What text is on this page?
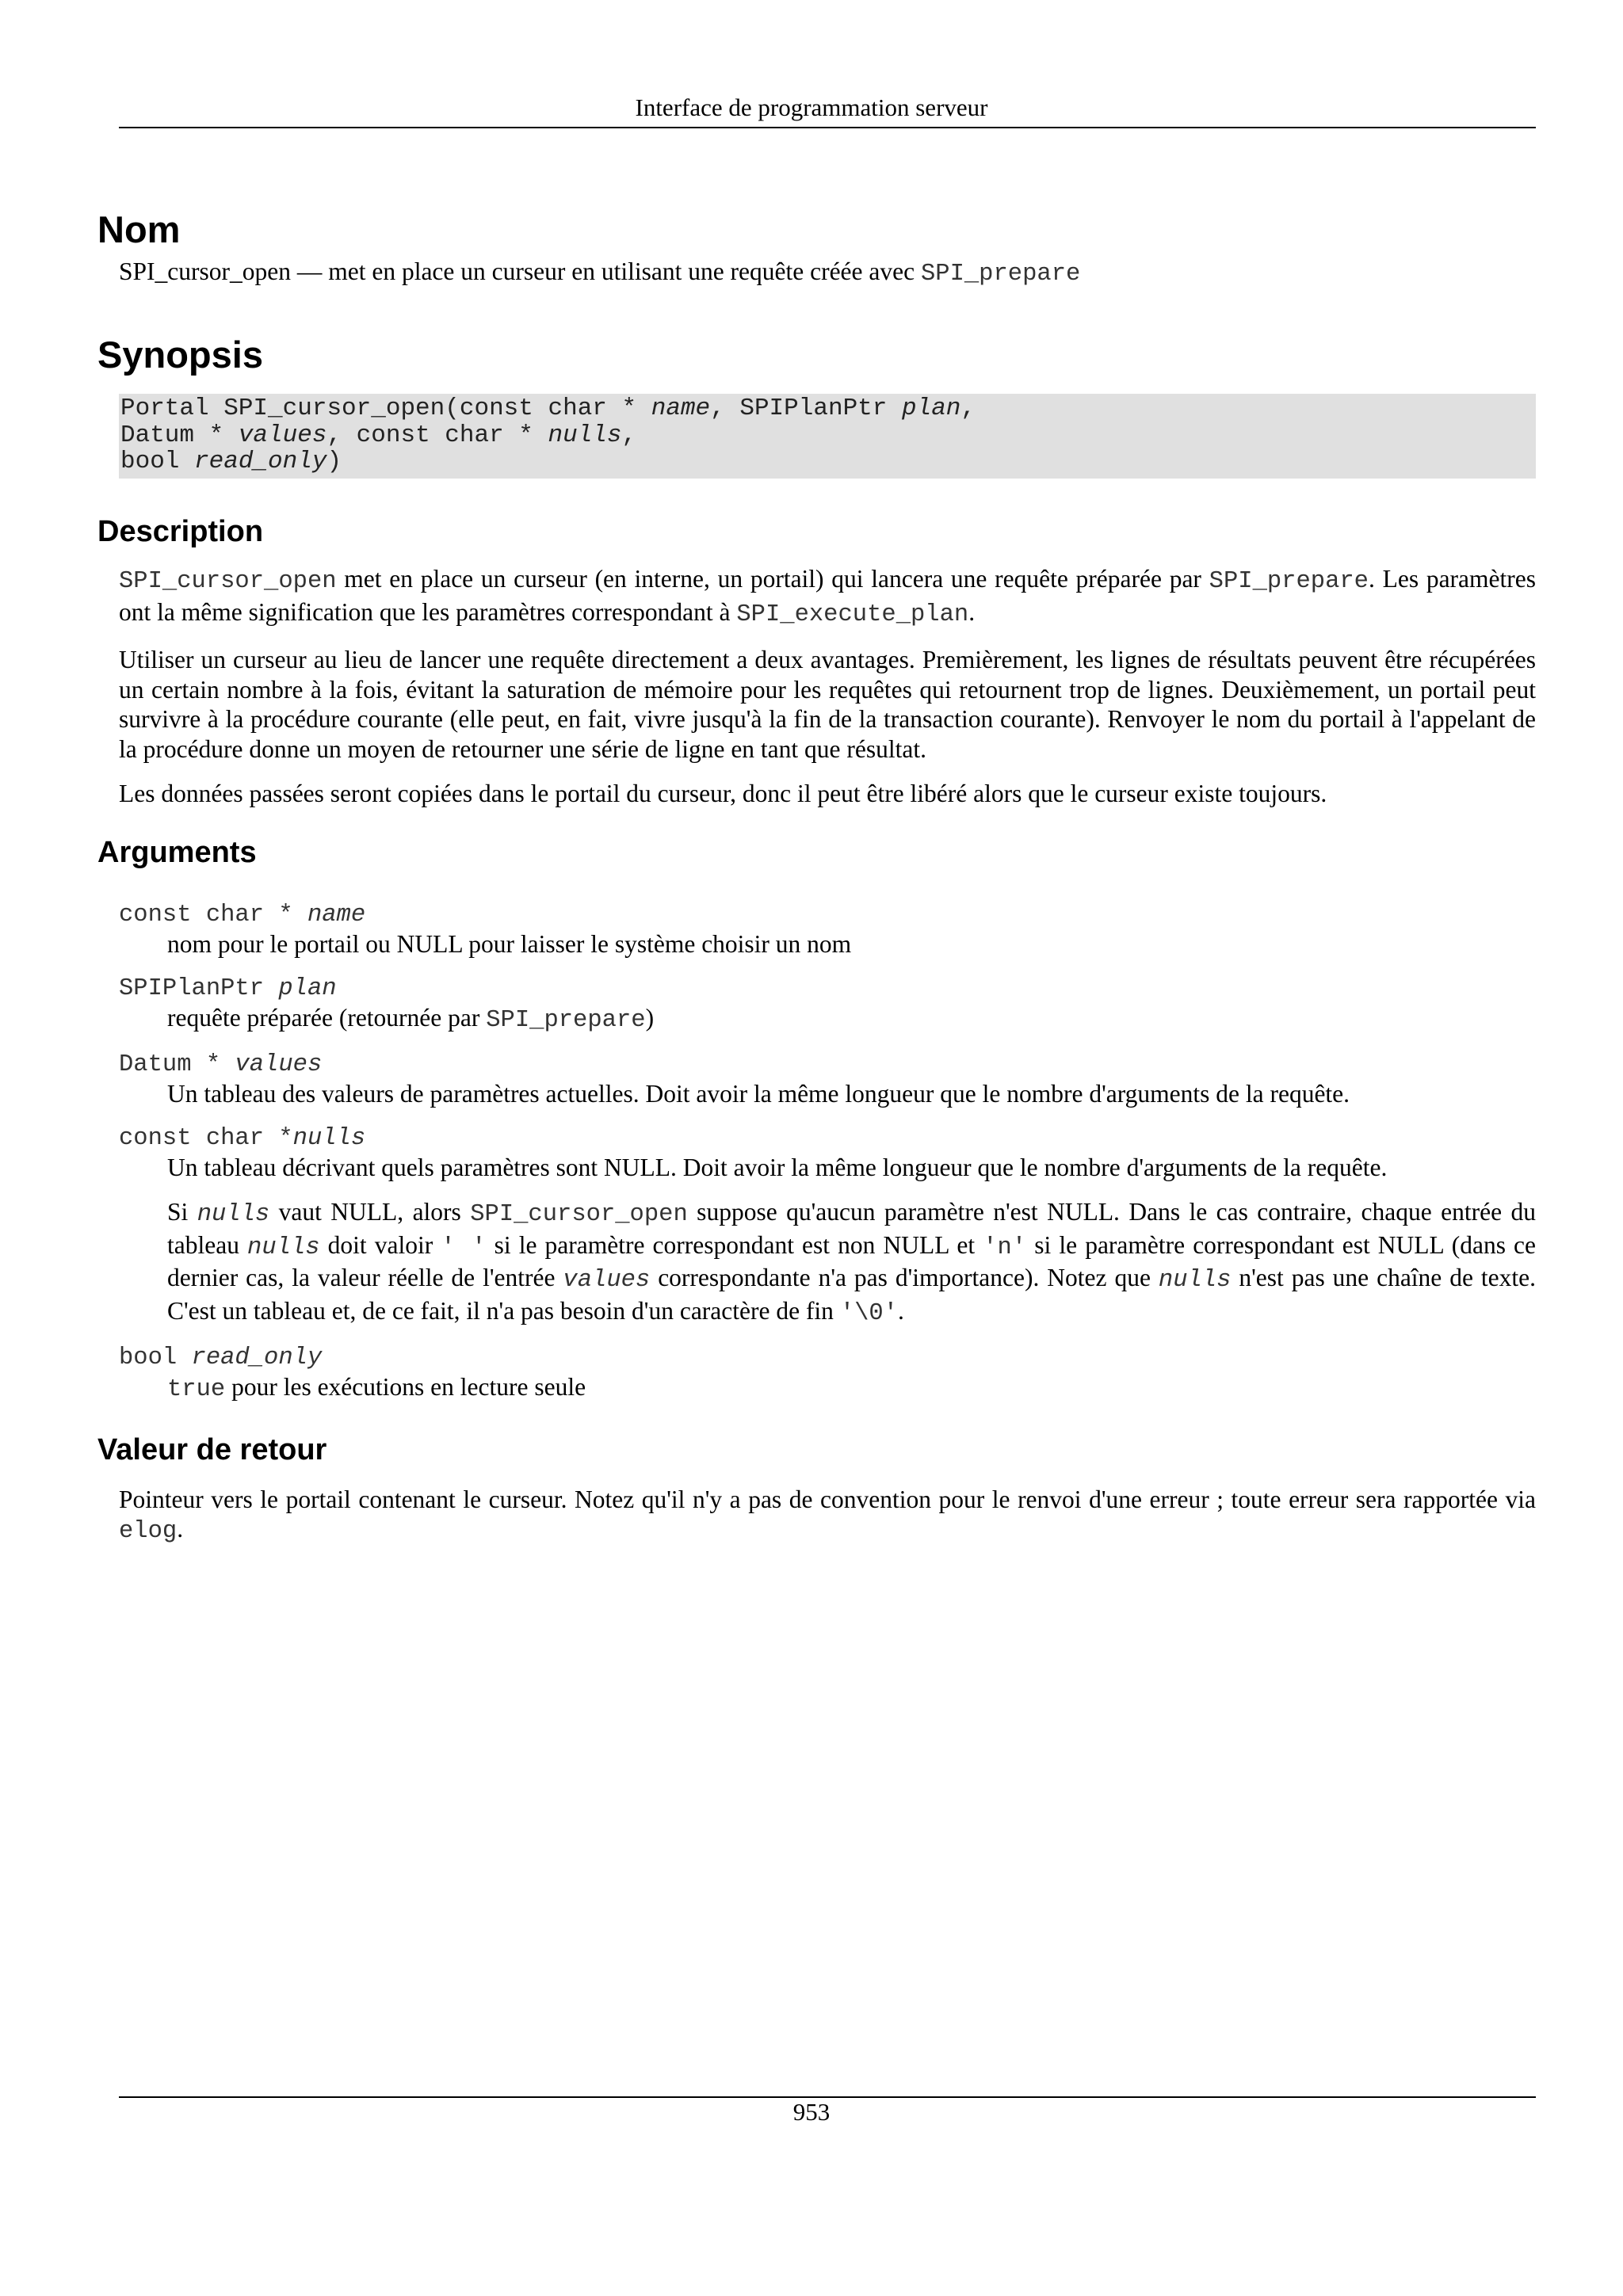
Interface de programmation serveur
Nom

SPI_cursor_open — met en place un curseur en utilisant une requête créée avec SPI_prepare

Synopsis
Portal SPI_cursor_open(const char * name, SPIPlanPtr plan,
Datum * values, const char * nulls,
bool read_only)
Description

SPI_cursor_open met en place un curseur (en interne, un portail) qui lancera une requête préparée par SPI_prepare. Les paramètres ont la même signification que les paramètres correspondant à SPI_execute_plan.

Utiliser un curseur au lieu de lancer une requête directement a deux avantages. Premièrement, les lignes de résultats peuvent être récupérées un certain nombre à la fois, évitant la saturation de mémoire pour les requêtes qui retournent trop de lignes. Deuxièmement, un portail peut survivre à la procédure courante (elle peut, en fait, vivre jusqu'à la fin de la transaction courante). Renvoyer le nom du portail à l'appelant de la procédure donne un moyen de retourner une série de ligne en tant que résultat.

Les données passées seront copiées dans le portail du curseur, donc il peut être libéré alors que le curseur existe toujours.

Arguments
const char * name

nom pour le portail ou NULL pour laisser le système choisir un nom

SPIPlanPtr plan

requête préparée (retournée par SPI_prepare)

Datum * values

Un tableau des valeurs de paramètres actuelles. Doit avoir la même longueur que le nombre d'arguments de la requête.

const char *nulls

Un tableau décrivant quels paramètres sont NULL. Doit avoir la même longueur que le nombre d'arguments de la requête.

Si nulls vaut NULL, alors SPI_cursor_open suppose qu'aucun paramètre n'est NULL. Dans le cas contraire, chaque entrée du tableau nulls doit valoir ' ' si le paramètre correspondant est non NULL et 'n' si le paramètre correspondant est NULL (dans ce dernier cas, la valeur réelle de l'entrée values correspondante n'a pas d'importance). Notez que nulls n'est pas une chaîne de texte. C'est un tableau et, de ce fait, il n'a pas besoin d'un caractère de fin '\0'.

bool read_only

true pour les exécutions en lecture seule

Valeur de retour

Pointeur vers le portail contenant le curseur. Notez qu'il n'y a pas de convention pour le renvoi d'une erreur ; toute erreur sera rapportée via elog.

953
